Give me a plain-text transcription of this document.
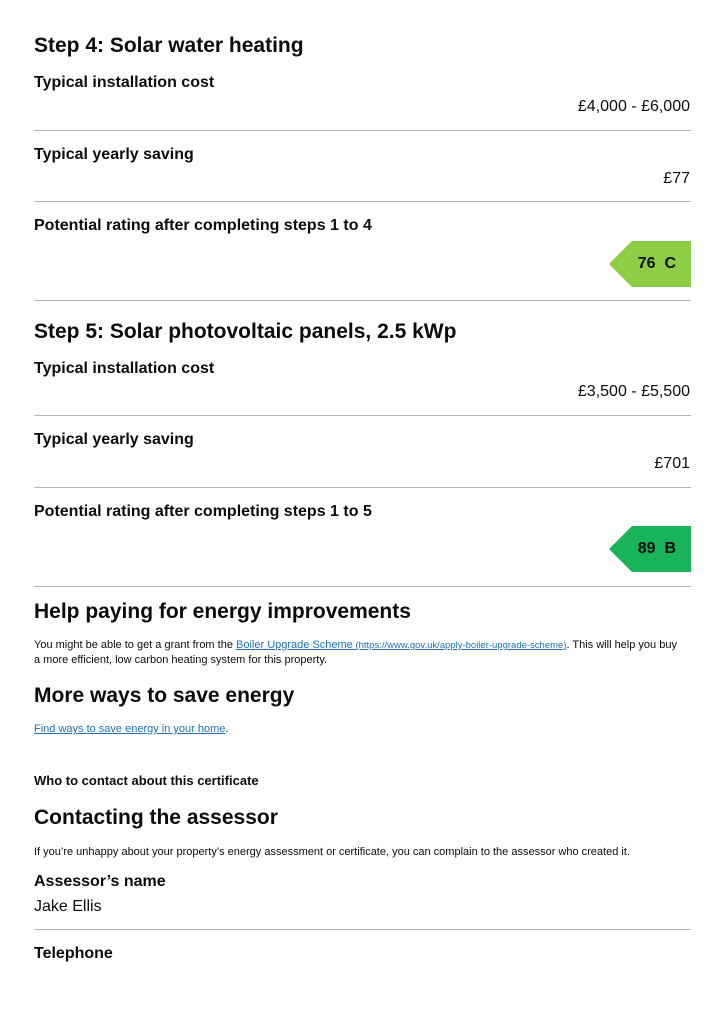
Step 4: Solar water heating
Typical installation cost
£4,000 - £6,000
Typical yearly saving
£77
Potential rating after completing steps 1 to 4
76  C
Step 5: Solar photovoltaic panels, 2.5 kWp
Typical installation cost
£3,500 - £5,500
Typical yearly saving
£701
Potential rating after completing steps 1 to 5
89  B
Help paying for energy improvements
You might be able to get a grant from the Boiler Upgrade Scheme (https://www.gov.uk/apply-boiler-upgrade-scheme). This will help you buy a more efficient, low carbon heating system for this property.
More ways to save energy
Find ways to save energy in your home.
Who to contact about this certificate
Contacting the assessor
If you’re unhappy about your property’s energy assessment or certificate, you can complain to the assessor who created it.
Assessor’s name
Jake Ellis
Telephone
